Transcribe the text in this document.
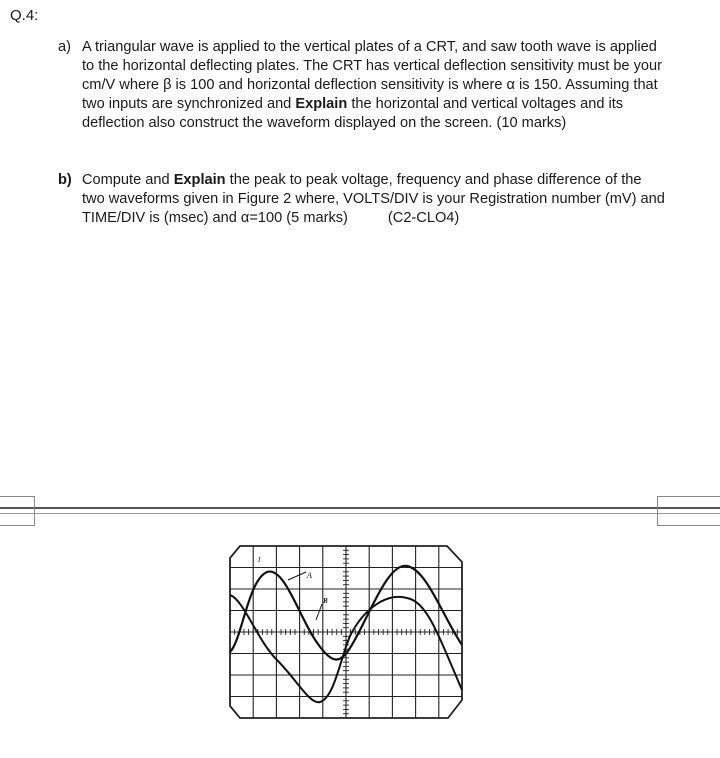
Q.4:
a) A triangular wave is applied to the vertical plates of a CRT, and saw tooth wave is applied to the horizontal deflecting plates. The CRT has vertical deflection sensitivity must be your cm/V where β is 100 and horizontal deflection sensitivity is where α is 150. Assuming that two inputs are synchronized and Explain the horizontal and vertical voltages and its deflection also construct the waveform displayed on the screen. (10 marks)
b) Compute and Explain the peak to peak voltage, frequency and phase difference of the two waveforms given in Figure 2 where, VOLTS/DIV is your Registration number (mV) and TIME/DIV is (msec) and α=100 (5 marks)	(C2-CLO4)
A
B
I
